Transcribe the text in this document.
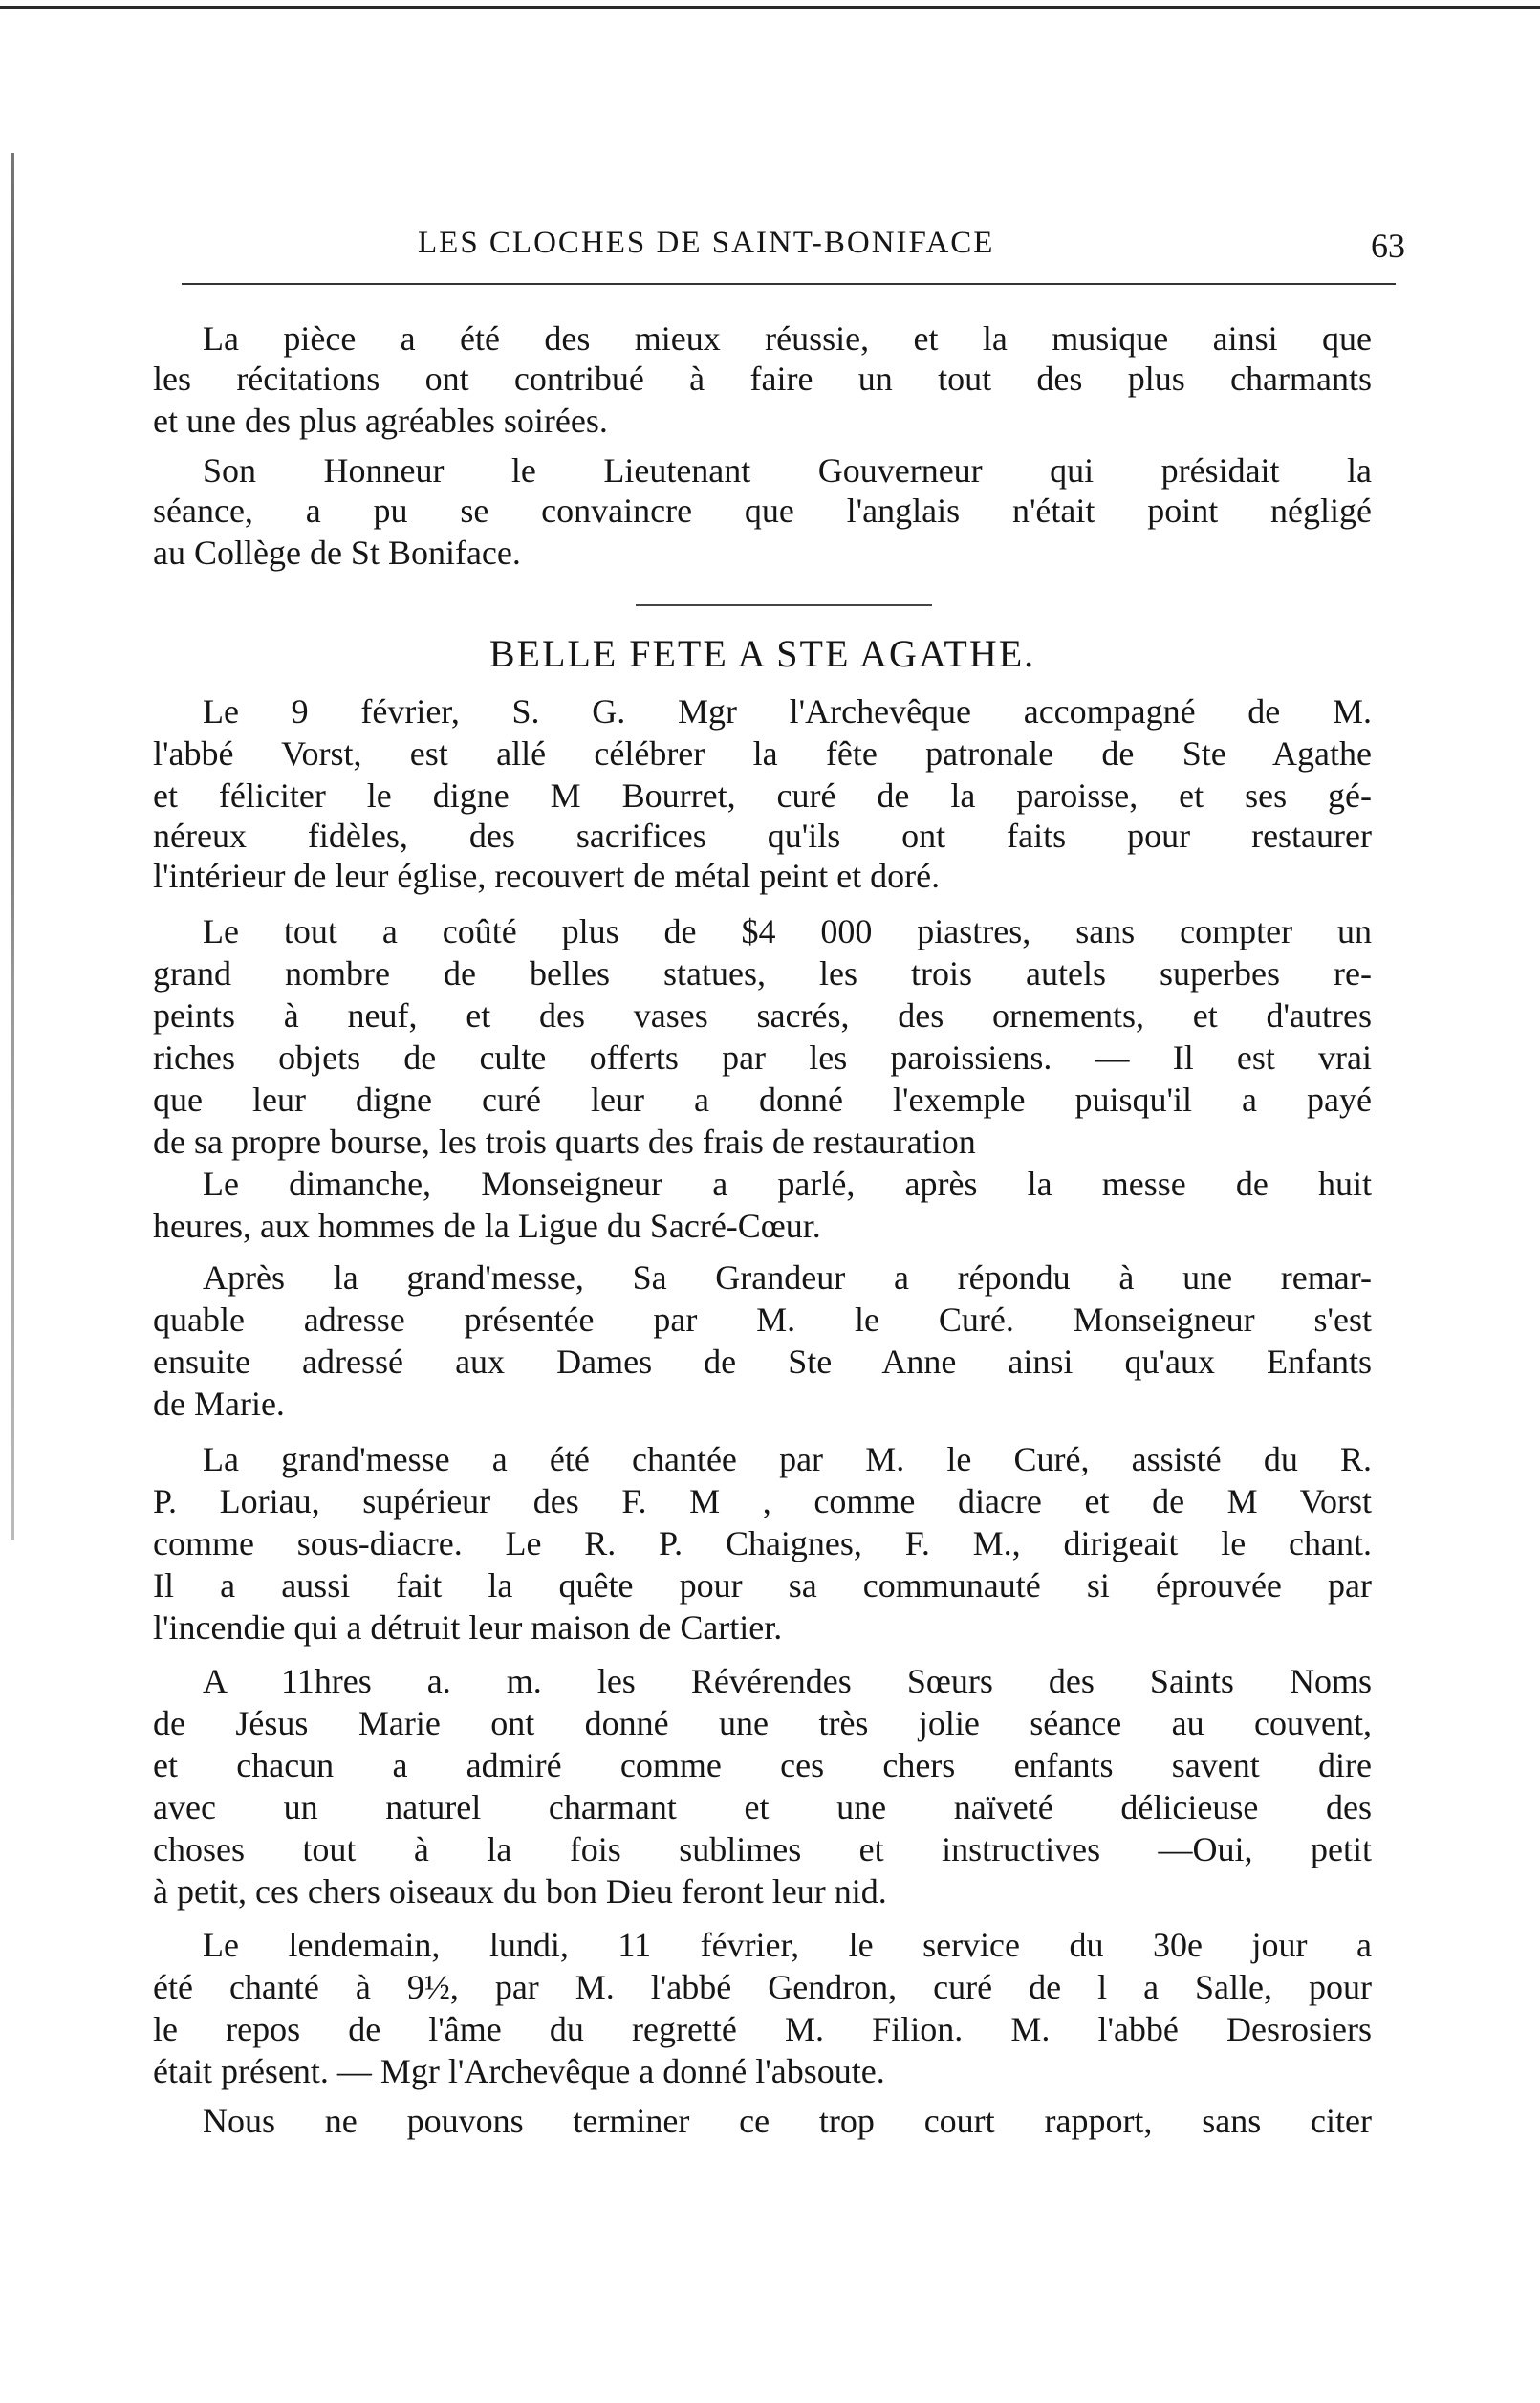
LES CLOCHES DE SAINT-BONIFACE	63
La pièce a été des mieux réussie, et la musique ainsi que
les récitations ont contribué à faire un tout des plus charmants
et une des plus agréables soirées.
Son Honneur le Lieutenant Gouverneur qui présidait la
séance, a pu se convaincre que l'anglais n'était point négligé
au Collège de St Boniface.
BELLE FETE A STE AGATHE.
Le 9 février, S. G. Mgr l'Archevêque accompagné de M.
l'abbé Vorst, est allé célébrer la fête patronale de Ste Agathe
et féliciter le digne M Bourret, curé de la paroisse, et ses gé-
néreux fidèles, des sacrifices qu'ils ont faits pour restaurer
l'intérieur de leur église, recouvert de métal peint et doré.
Le tout a coûté plus de $4 000 piastres, sans compter un
grand nombre de belles statues, les trois autels superbes re-
peints à neuf, et des vases sacrés, des ornements, et d'autres
riches objets de culte offerts par les paroissiens. — Il est vrai
que leur digne curé leur a donné l'exemple puisqu'il a payé
de sa propre bourse, les trois quarts des frais de restauration
Le dimanche, Monseigneur a parlé, après la messe de huit
heures, aux hommes de la Ligue du Sacré-Cœur.
Après la grand'messe, Sa Grandeur a répondu à une remar-
quable adresse présentée par M. le Curé. Monseigneur s'est
ensuite adressé aux Dames de Ste Anne ainsi qu'aux Enfants
de Marie.
La grand'messe a été chantée par M. le Curé, assisté du R.
P. Loriau, supérieur des F. M , comme diacre et de M Vorst
comme sous-diacre. Le R. P. Chaignes, F. M., dirigeait le chant.
Il a aussi fait la quête pour sa communauté si éprouvée par
l'incendie qui a détruit leur maison de Cartier.
A 11hres a. m. les Révérendes Sœurs des Saints Noms
de Jésus Marie ont donné une très jolie séance au couvent,
et chacun a admiré comme ces chers enfants savent dire
avec un naturel charmant et une naïveté délicieuse des
choses tout à la fois sublimes et instructives —Oui, petit
à petit, ces chers oiseaux du bon Dieu feront leur nid.
Le lendemain, lundi, 11 février, le service du 30e jour a
été chanté à 9½, par M. l'abbé Gendron, curé de l a Salle, pour
le repos de l'âme du regretté M. Filion. M. l'abbé Desrosiers
était présent. — Mgr l'Archevêque a donné l'absoute.
Nous ne pouvons terminer ce trop court rapport, sans citer
